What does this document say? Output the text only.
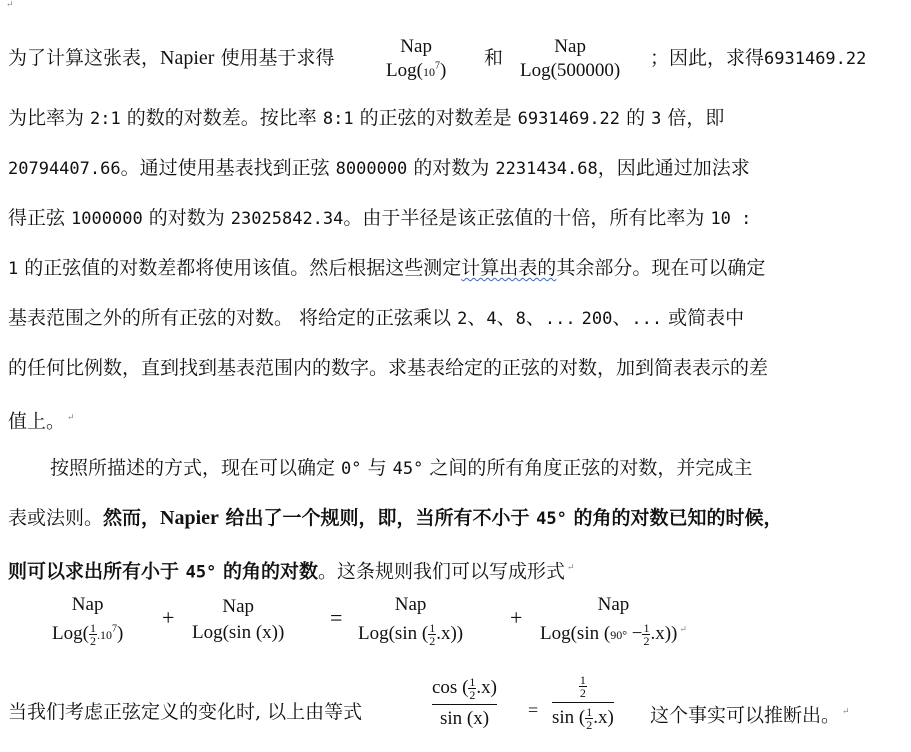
↵
为了计算这张表，Napier 使用基于求得
Nap
$Log(10^7)$
和
Nap
Log(500000)
；因此，求得6931469.22
为比率为 2:1 的数的对数差。按比率 8:1 的正弦的对数差是 6931469.22 的 3 倍，即
20794407.66。通过使用基表找到正弦 8000000 的对数为 2231434.68，因此通过加法求
得正弦 1000000 的对数为 23025842.34。由于半径是该正弦值的十倍，所有比率为 10 :
1 的正弦值的对数差都将使用该值。然后根据这些测定计算出表的其余部分。现在可以确定
基表范围之外的所有正弦的对数。 将给定的正弦乘以 2、4、8、... 200、... 或简表中
的任何比例数，直到找到基表范围内的数字。求基表给定的正弦的对数，加到简表表示的差
值上。 ↵
按照所描述的方式，现在可以确定 0° 与 45° 之间的所有角度正弦的对数，并完成主
表或法则。然而，Napier 给出了一个规则，即，当所有不小于 45° 的角的对数已知的时候，
则可以求出所有小于 45° 的角的对数。这条规则我们可以写成形式 ↵
Nap
$Log( \frac{1}{2} .10^7)$
+	Nap
Log(sin (x))
=
Nap
Log(sin ( $\frac{1}{2} .x$))
+
Nap
Log(sin $(90^\circ - \frac{1}{2} .x)$) ↵
当我们考虑正弦定义的变化时, 以上由等式
cos ( $\frac{1}{2} .x$)
sin (x)	=
$\frac{1}{2}$
sin ( $\frac{1}{2} .x$) 这个事实可以推断出。 ↵
